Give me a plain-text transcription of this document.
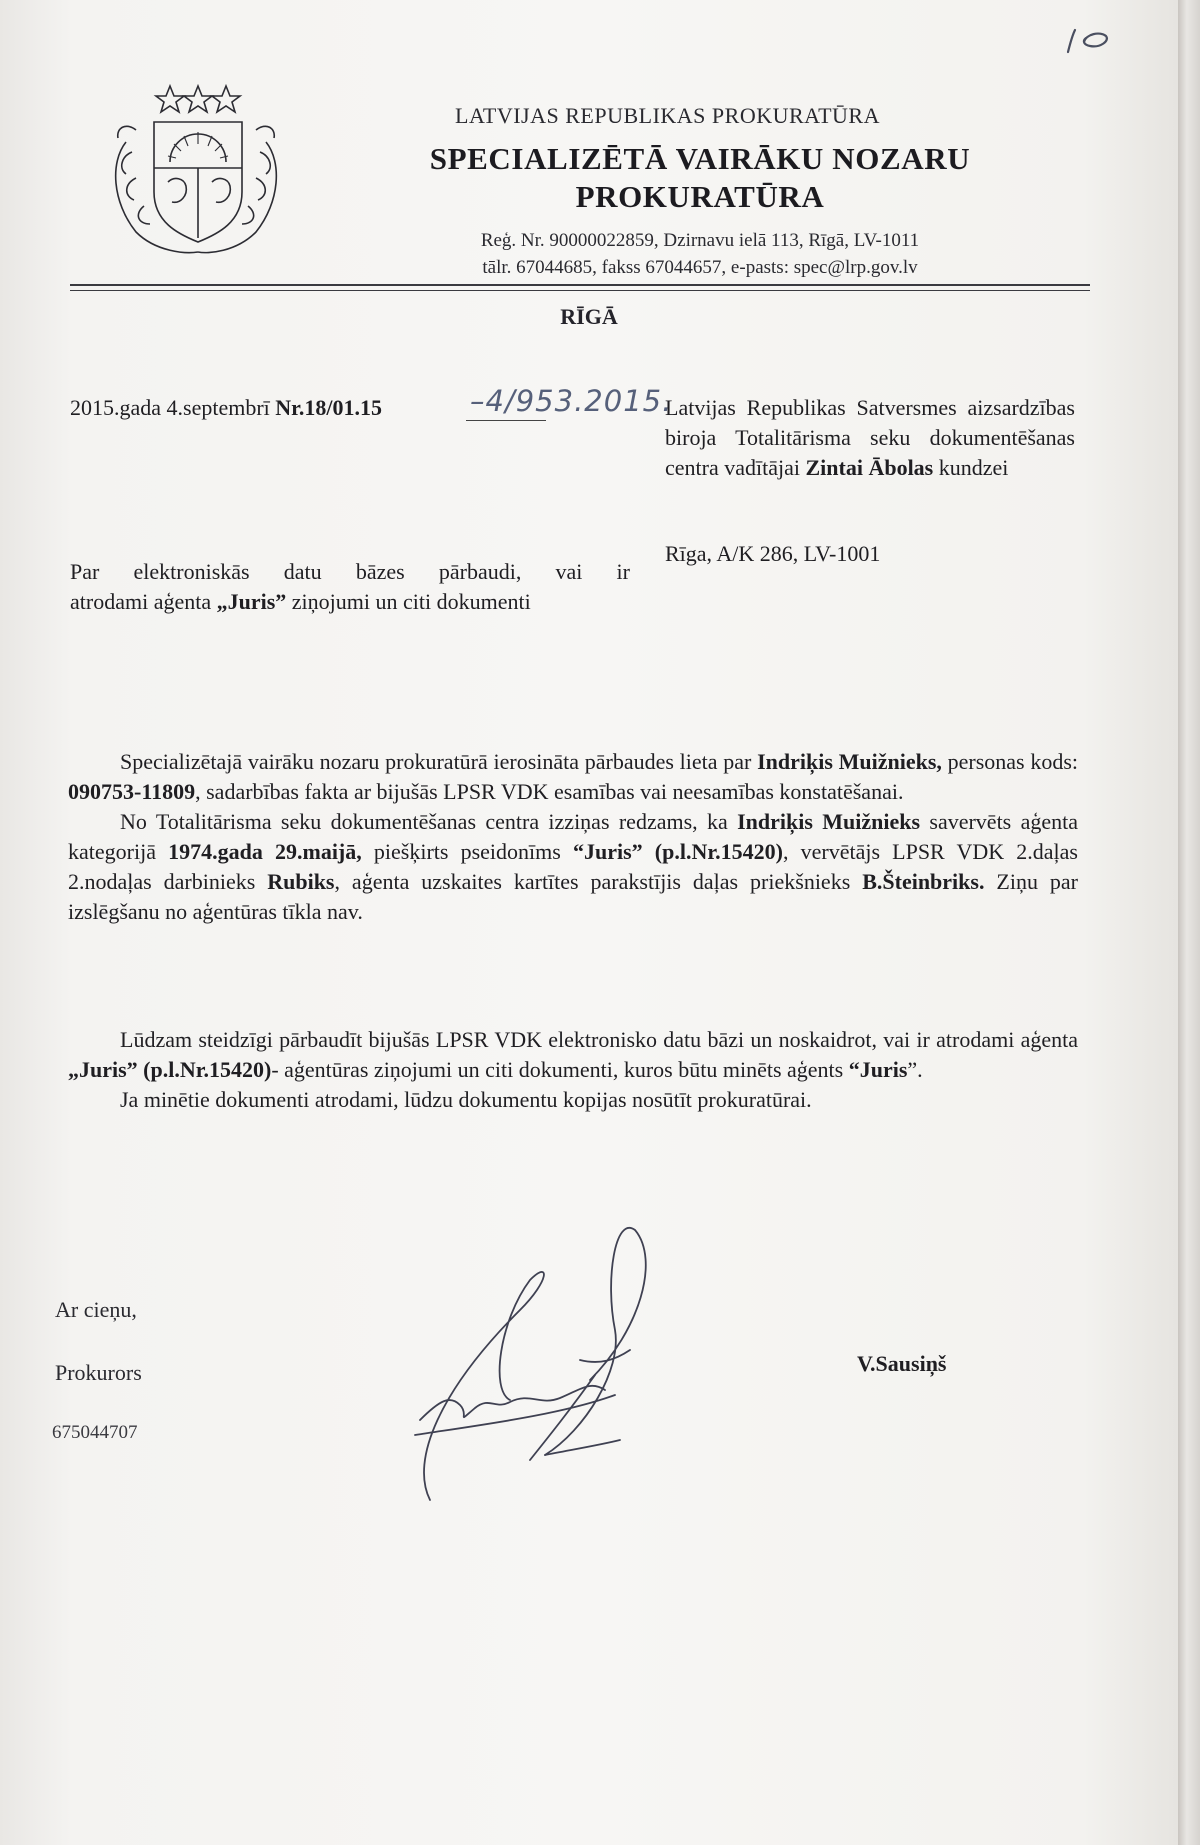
LATVIJAS REPUBLIKAS PROKURATŪRA
SPECIALIZĒTĀ VAIRĀKU NOZARU
PROKURATŪRA
Reģ. Nr. 90000022859, Dzirnavu ielā 113, Rīgā, LV-1011
tālr. 67044685, fakss 67044657, e-pasts: spec@lrp.gov.lv
RĪGĀ
2015.gada 4.septembrī Nr.18/01.15	–4/953.2015.
Latvijas Republikas Satversmes aizsardzības biroja Totalitārisma seku dokumentēšanas centra vadītājai Zintai Ābolas kundzei
Rīga, A/K 286, LV-1001
Par elektroniskās datu bāzes pārbaudi, vai ir
atrodami aģenta „Juris” ziņojumi un citi dokumenti

Specializētajā vairāku nozaru prokuratūrā ierosināta pārbaudes lieta par Indriķis Muižnieks, personas kods: 090753-11809, sadarbības fakta ar bijušās LPSR VDK esamības vai neesamības konstatēšanai.

No Totalitārisma seku dokumentēšanas centra izziņas redzams, ka Indriķis Muižnieks savervēts aģenta kategorijā 1974.gada 29.maijā, piešķirts pseidonīms “Juris” (p.l.Nr.15420), vervētājs LPSR VDK 2.daļas 2.nodaļas darbinieks Rubiks, aģenta uzskaites kartītes parakstījis daļas priekšnieks B.Šteinbriks. Ziņu par izslēgšanu no aģentūras tīkla nav.

Lūdzam steidzīgi pārbaudīt bijušās LPSR VDK elektronisko datu bāzi un noskaidrot, vai ir atrodami aģenta „Juris” (p.l.Nr.15420)- aģentūras ziņojumi un citi dokumenti, kuros būtu minēts aģents “Juris”.

Ja minētie dokumenti atrodami, lūdzu dokumentu kopijas nosūtīt prokuratūrai.

Ar cieņu,
Prokurors
675044707
V.Sausiņš
